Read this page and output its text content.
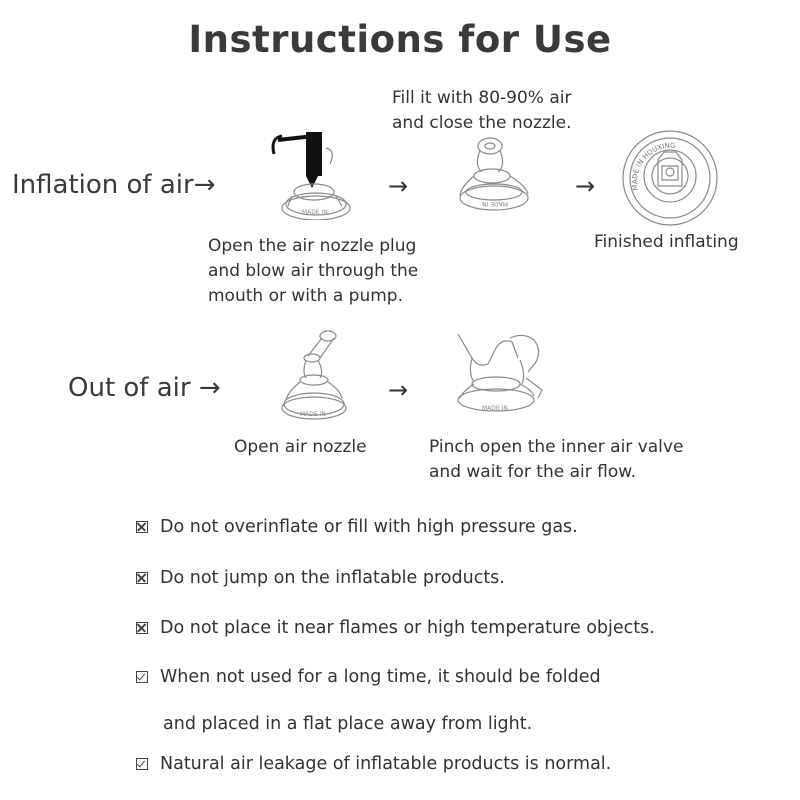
Instructions for Use
Inflation of air→
MADE IN
→
MADE IN
→	MADE IN HOUXING
Fill it with 80-90% air
and close the nozzle.
Open the air nozzle plug
and blow air through the
mouth or with a pump.
Finished inflating
Out of air →
MADE IN
→
MADE IN
Open air nozzle	Pinch open the inner air valve
and wait for the air flow.
Do not overinflate or fill with high pressure gas.
Do not jump on the inflatable products.
Do not place it near flames or high temperature objects.
When not used for a long time, it should be folded
and placed in a flat place away from light.
Natural air leakage of inflatable products is normal.
